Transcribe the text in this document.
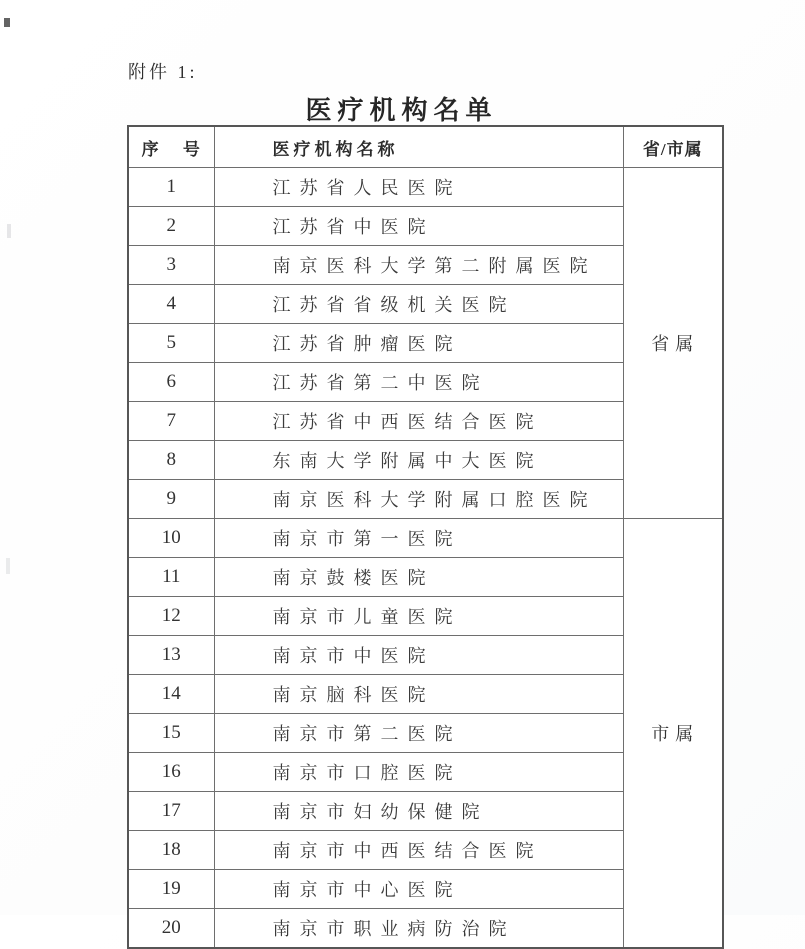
附件 1:
医疗机构名单
序 号	医疗机构名称	省/市属
1	江苏省人民医院	省属
2	江苏省中医院	
3	南京医科大学第二附属医院	
4	江苏省省级机关医院	
5	江苏省肿瘤医院	
6	江苏省第二中医院	
7	江苏省中西医结合医院	
8	东南大学附属中大医院	
9	南京医科大学附属口腔医院	
10	南京市第一医院	市属
11	南京鼓楼医院	
12	南京市儿童医院	
13	南京市中医院	
14	南京脑科医院	
15	南京市第二医院	
16	南京市口腔医院	
17	南京市妇幼保健院	
18	南京市中西医结合医院	
19	南京市中心医院	
20	南京市职业病防治院	
